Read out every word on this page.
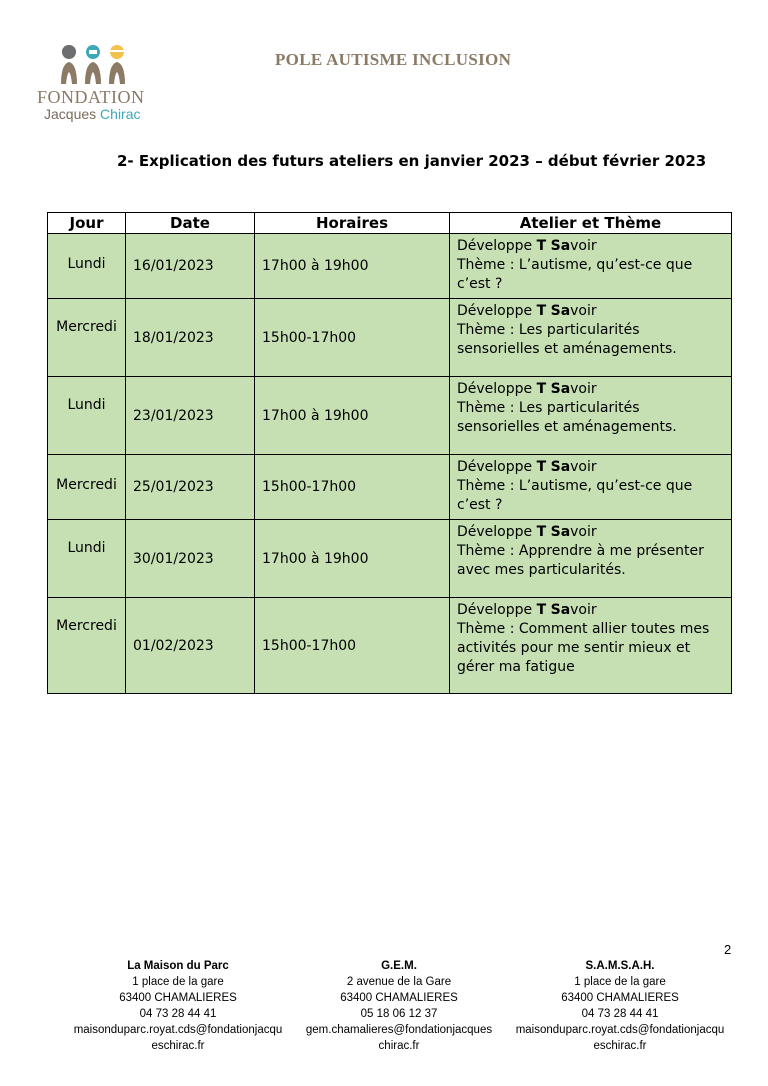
FONDATION
Jacques Chirac
POLE AUTISME INCLUSION
2- Explication des futurs ateliers en janvier 2023 – début février 2023
Jour	Date	Horaires	Atelier et Thème

Lundi	16/01/2023	17h00 à 19h00	Développe T Savoir
Thème : L’autisme, qu’est-ce que c’est ?

Mercredi	18/01/2023	15h00-17h00	Développe T Savoir
Thème : Les particularités sensorielles et aménagements.

Lundi	23/01/2023	17h00 à 19h00	Développe T Savoir
Thème : Les particularités sensorielles et aménagements.

Mercredi	25/01/2023	15h00-17h00	Développe T Savoir
Thème : L’autisme, qu’est-ce que c’est ?

Lundi	30/01/2023	17h00 à 19h00	Développe T Savoir
Thème : Apprendre à me présenter avec mes particularités.

Mercredi	01/02/2023	15h00-17h00	Développe T Savoir
Thème : Comment allier toutes mes activités pour me sentir mieux et gérer ma fatigue
2
La Maison du Parc
1 place de la gare
63400 CHAMALIERES
04 73 28 44 41
maisonduparc.royat.cds@fondationjacqu
eschirac.fr
G.E.M.
2 avenue de la Gare
63400 CHAMALIERES
05 18 06 12 37
gem.chamalieres@fondationjacques
chirac.fr
S.A.M.S.A.H.
1 place de la gare
63400 CHAMALIERES
04 73 28 44 41
maisonduparc.royat.cds@fondationjacqu
eschirac.fr
